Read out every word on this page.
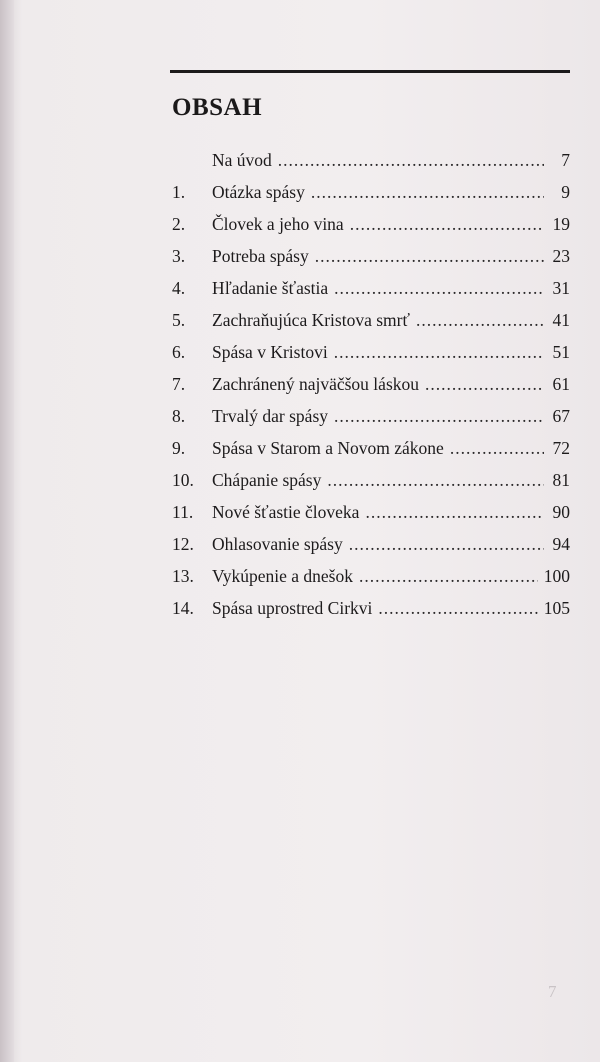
OBSAH
Na úvod .....	7
1.	Otázka spásy .....	9
2.	Človek a jeho vina .....	19
3.	Potreba spásy .....	23
4.	Hľadanie šťastia .....	31
5.	Zachraňujúca Kristova smrť .....	41
6.	Spása v Kristovi .....	51
7.	Zachránený najväčšou láskou .....	61
8.	Trvalý dar spásy .....	67
9.	Spása v Starom a Novom zákone .....	72
10.	Chápanie spásy .....	81
11.	Nové šťastie človeka .....	90
12.	Ohlasovanie spásy .....	94
13.	Vykúpenie a dnešok .....	100
14.	Spása uprostred Cirkvi .....	105
7
